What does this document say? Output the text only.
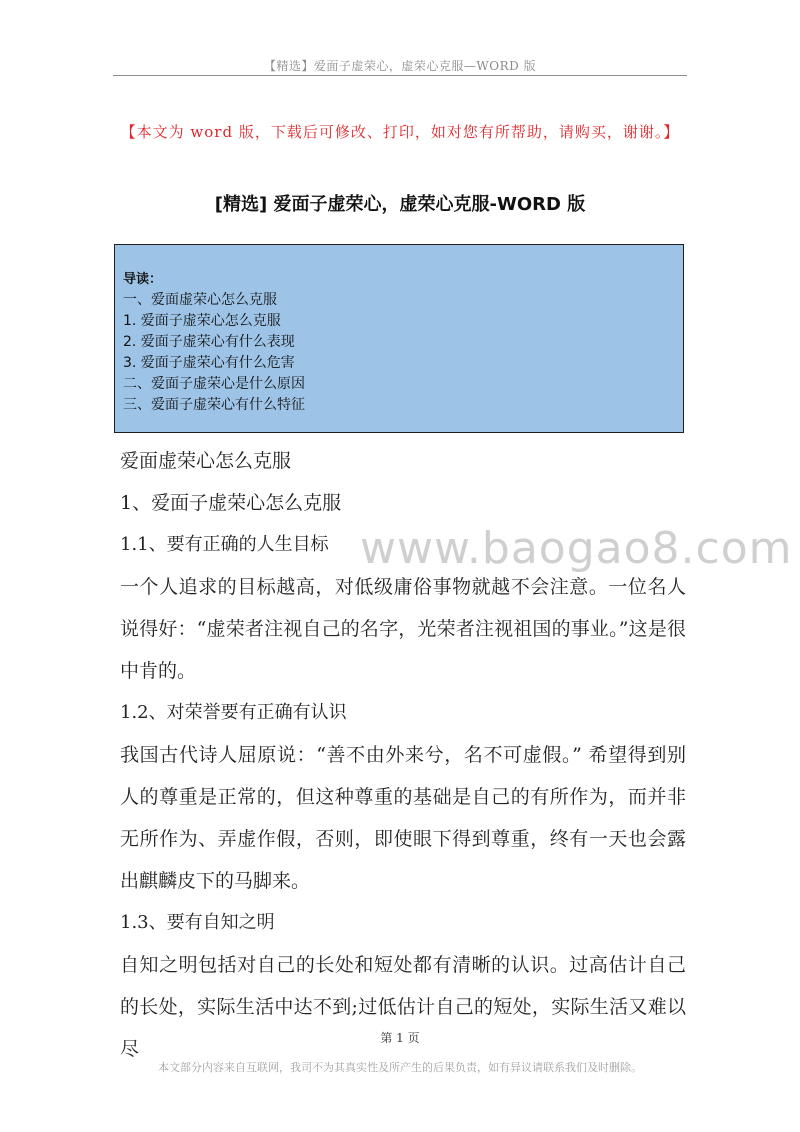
【精选】爱面子虚荣心，虚荣心克服—WORD 版
【本文为 word 版，下载后可修改、打印，如对您有所帮助，请购买，谢谢。】
[精选] 爱面子虚荣心，虚荣心克服-WORD 版
导读：
一、爱面虚荣心怎么克服
1. 爱面子虚荣心怎么克服
2. 爱面子虚荣心有什么表现
3. 爱面子虚荣心有什么危害
二、爱面子虚荣心是什么原因
三、爱面子虚荣心有什么特征
爱面虚荣心怎么克服
1、爱面子虚荣心怎么克服
1.1、要有正确的人生目标
一个人追求的目标越高，对低级庸俗事物就越不会注意。一位名人说得好：“虚荣者注视自己的名字，光荣者注视祖国的事业。”这是很中肯的。
1.2、对荣誉要有正确有认识
我国古代诗人屈原说：“善不由外来兮，名不可虚假。” 希望得到别人的尊重是正常的，但这种尊重的基础是自己的有所作为，而并非无所作为、弄虚作假，否则，即使眼下得到尊重，终有一天也会露出麒麟皮下的马脚来。
1.3、要有自知之明
自知之明包括对自己的长处和短处都有清晰的认识。过高估计自己的长处，实际生活中达不到;过低估计自己的短处，实际生活又难以尽
www.baogao8.com
第 1 页
本文部分内容来自互联网，我司不为其真实性及所产生的后果负责，如有异议请联系我们及时删除。
